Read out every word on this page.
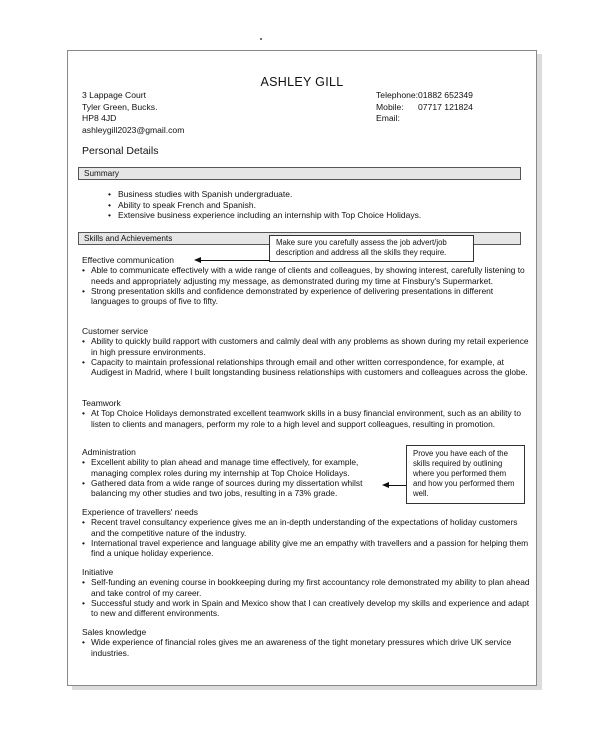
ASHLEY GILL
3 Lappage Court
Tyler Green, Bucks.
HP8 4JD
ashleygill2023@gmail.com
Telephone: 01882 652349
Mobile:	07717 121824
Email:
Personal Details
Summary
• Business studies with Spanish undergraduate.
• Ability to speak French and Spanish.
• Extensive business experience including an internship with Top Choice Holidays.
Skills and Achievements
Effective communication
• Able to communicate effectively with a wide range of clients and colleagues, by showing interest, carefully listening to needs and appropriately adjusting my message, as demonstrated during my time at Finsbury's Supermarket.
• Strong presentation skills and confidence demonstrated by experience of delivering presentations in different languages to groups of five to fifty.
Customer service
• Ability to quickly build rapport with customers and calmly deal with any problems as shown during my retail experience in high pressure environments.
• Capacity to maintain professional relationships through email and other written correspondence, for example, at Audigest in Madrid, where I built longstanding business relationships with customers and colleagues across the globe.
Teamwork
• At Top Choice Holidays demonstrated excellent teamwork skills in a busy financial environment, such as an ability to listen to clients and managers, perform my role to a high level and support colleagues, resulting in promotion.
Administration
• Excellent ability to plan ahead and manage time effectively, for example, managing complex roles during my internship at Top Choice Holidays.
• Gathered data from a wide range of sources during my dissertation whilst balancing my other studies and two jobs, resulting in a 73% grade.
Experience of travellers' needs
• Recent travel consultancy experience gives me an in-depth understanding of the expectations of holiday customers and the competitive nature of the industry.
• International travel experience and language ability give me an empathy with travellers and a passion for helping them find a unique holiday experience.
Initiative
• Self-funding an evening course in bookkeeping during my first accountancy role demonstrated my ability to plan ahead and take control of my career.
• Successful study and work in Spain and Mexico show that I can creatively develop my skills and experience and adapt to new and different environments.
Sales knowledge
• Wide experience of financial roles gives me an awareness of the tight monetary pressures which drive UK service industries.
Make sure you carefully assess the job advert/job description and address all the skills they require.
Prove you have each of the skills required by outlining where you performed them and how you performed them well.
